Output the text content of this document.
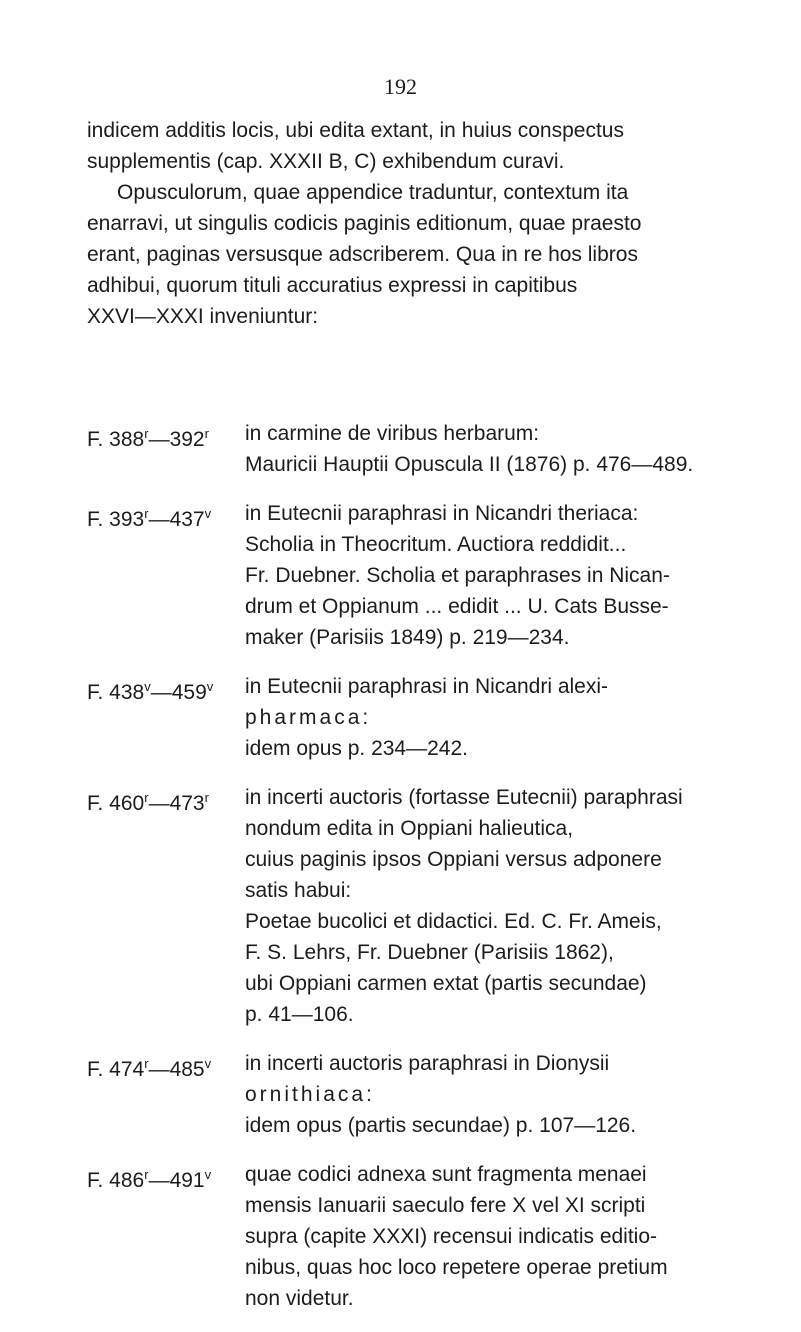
192

indicem additis locis, ubi edita extant, in huius conspectus
supplementis (cap. XXXII B, C) exhibendum curavi.
Opusculorum, quae appendice traduntur, contextum ita
enarravi, ut singulis codicis paginis editionum, quae praesto
erant, paginas versusque adscriberem. Qua in re hos libros
adhibui, quorum tituli accuratius expressi in capitibus
XXVI—XXXI inveniuntur:

F. 388$^r$—392$^r$ in carmine de viribus herbarum:
Mauricii Hauptii Opuscula II (1876) p. 476—489.
F. 393$^r$—437$^v$ in Eutecnii paraphrasi in Nicandri theriaca:
Scholia in Theocritum. Auctiora reddidit...
Fr. Duebner. Scholia et paraphrases in Nican-
drum et Oppianum ... edidit ... U. Cats Busse-
maker (Parisiis 1849) p. 219—234.
F. 438$^v$—459$^v$ in Eutecnii paraphrasi in Nicandri alexi-
pharmaca:
idem opus p. 234—242.
F. 460$^r$—473$^r$ in incerti auctoris (fortasse Eutecnii) paraphrasi
nondum edita in Oppiani halieutica,
cuius paginis ipsos Oppiani versus adponere
satis habui:
Poetae bucolici et didactici. Ed. C. Fr. Ameis,
F. S. Lehrs, Fr. Duebner (Parisiis 1862),
ubi Oppiani carmen extat (partis secundae)
p. 41—106.
F. 474$^r$—485$^v$ in incerti auctoris paraphrasi in Dionysii
ornithiaca:
idem opus (partis secundae) p. 107—126.
F. 486$^r$—491$^v$ quae codici adnexa sunt fragmenta menaei
mensis Ianuarii saeculo fere X vel XI scripti
supra (capite XXXI) recensui indicatis editio-
nibus, quas hoc loco repetere operae pretium
non videtur.
